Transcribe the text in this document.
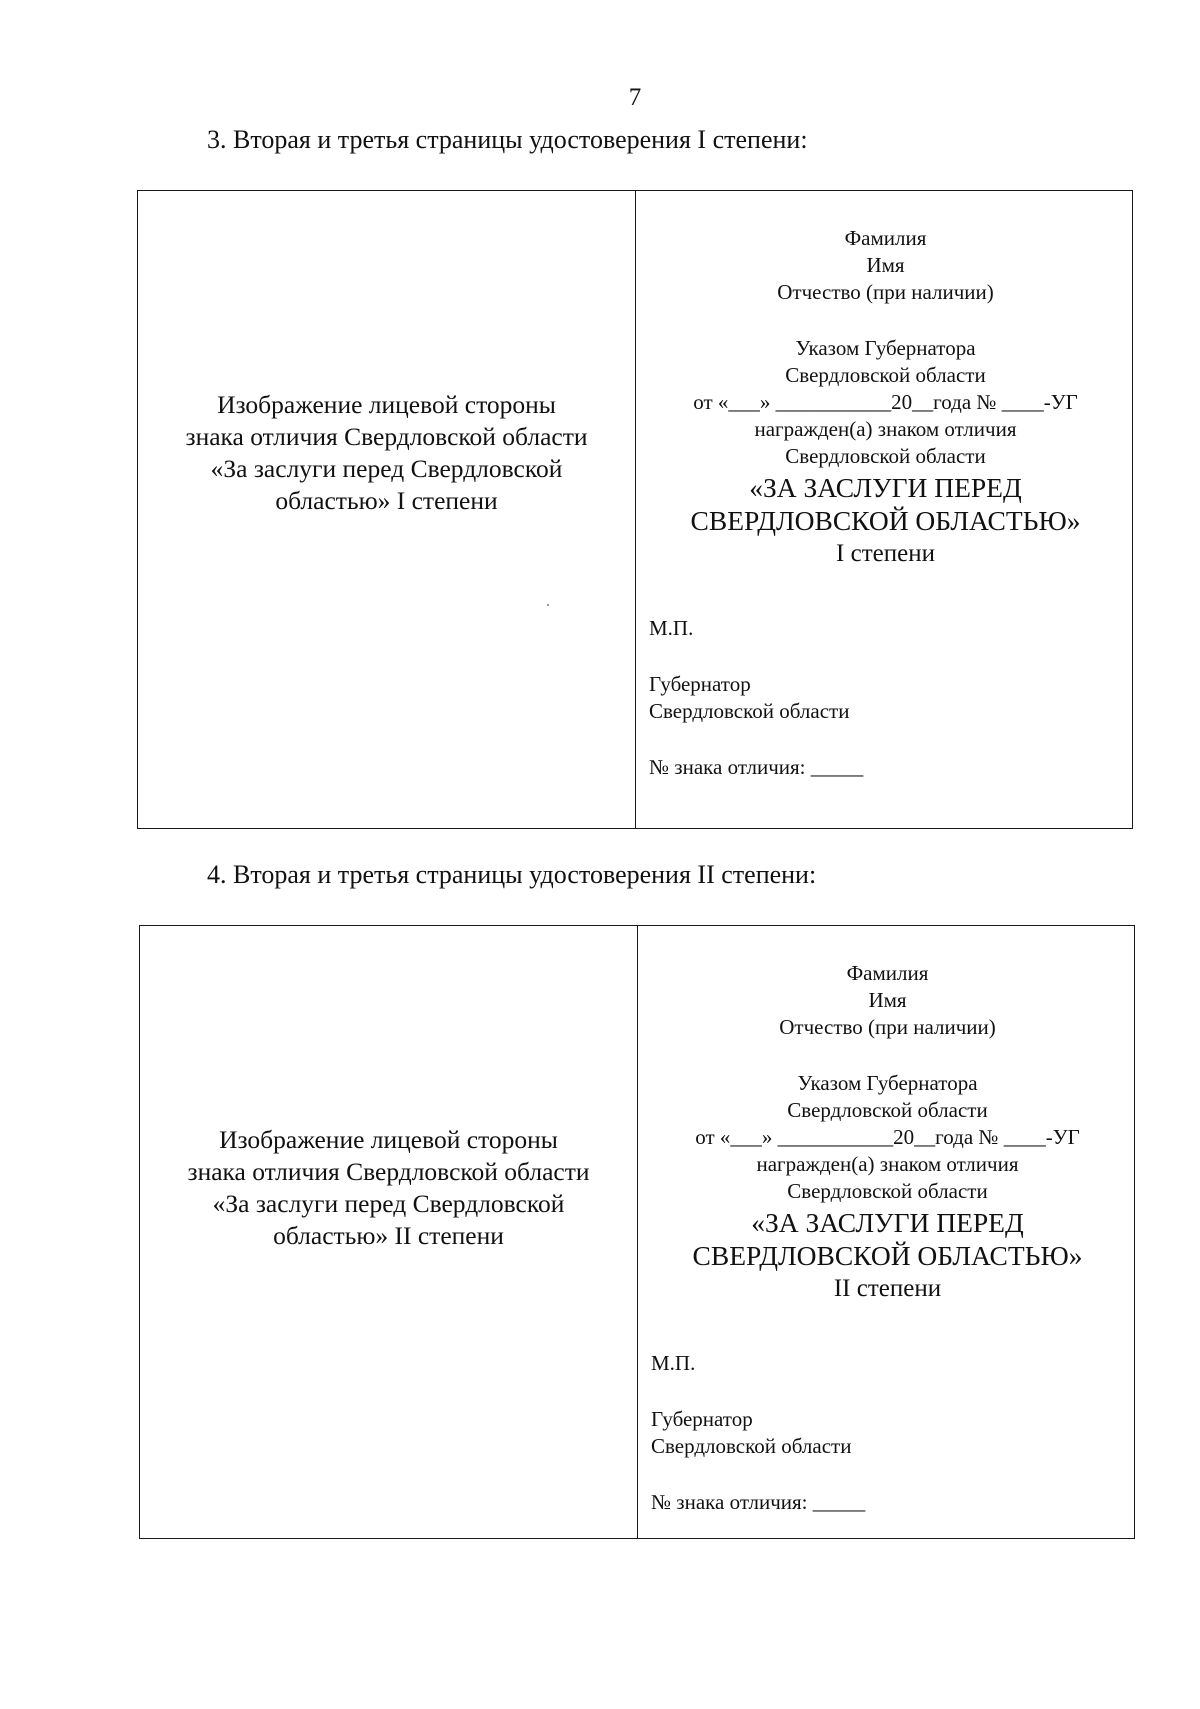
7
3. Вторая и третья страницы удостоверения I степени:
Изображение лицевой стороны
знака отличия Свердловской области
«За заслуги перед Свердловской
областью» I степени
Фамилия
Имя
Отчество (при наличии)
Указом Губернатора
Свердловской области
от «___» ___________20__года № ____-УГ
награжден(а) знаком отличия
Свердловской области
«ЗА ЗАСЛУГИ ПЕРЕД
СВЕРДЛОВСКОЙ ОБЛАСТЬЮ»
I степени
М.П.
Губернатор
Свердловской области
№ знака отличия: _____
4. Вторая и третья страницы удостоверения II степени:
Изображение лицевой стороны
знака отличия Свердловской области
«За заслуги перед Свердловской
областью» II степени
Фамилия
Имя
Отчество (при наличии)
Указом Губернатора
Свердловской области
от «___» ___________20__года № ____-УГ
награжден(а) знаком отличия
Свердловской области
«ЗА ЗАСЛУГИ ПЕРЕД
СВЕРДЛОВСКОЙ ОБЛАСТЬЮ»
II степени
М.П.
Губернатор
Свердловской области
№ знака отличия: _____
